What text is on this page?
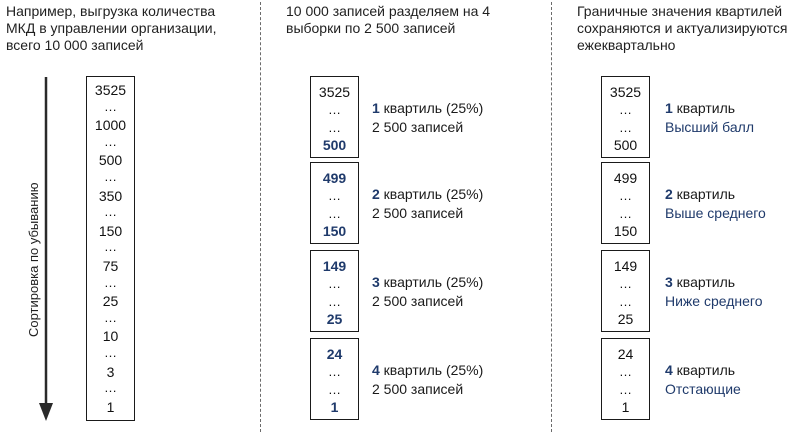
Например, выгрузка количества
МКД в управлении организации,
всего 10 000 записей
Сортировка по убыванию
3525
…
1000
…
500
…
350
…
150
…
75
…
25
…
10
…
3
…
1
10 000 записей разделяем на 4
выборки по 2 500 записей
3525
…
…
500
1 квартиль (25%)
2 500 записей
499
…
…
150
2 квартиль (25%)
2 500 записей
149
…
…
25
3 квартиль (25%)
2 500 записей
24
…
…
1
4 квартиль (25%)
2 500 записей
Граничные значения квартилей
сохраняются и актуализируются
ежеквартально
3525
…
…
500
1 квартиль
Высший балл
499
…
…
150
2 квартиль
Выше среднего
149
…
…
25
3 квартиль
Ниже среднего
24
…
…
1
4 квартиль
Отстающие
